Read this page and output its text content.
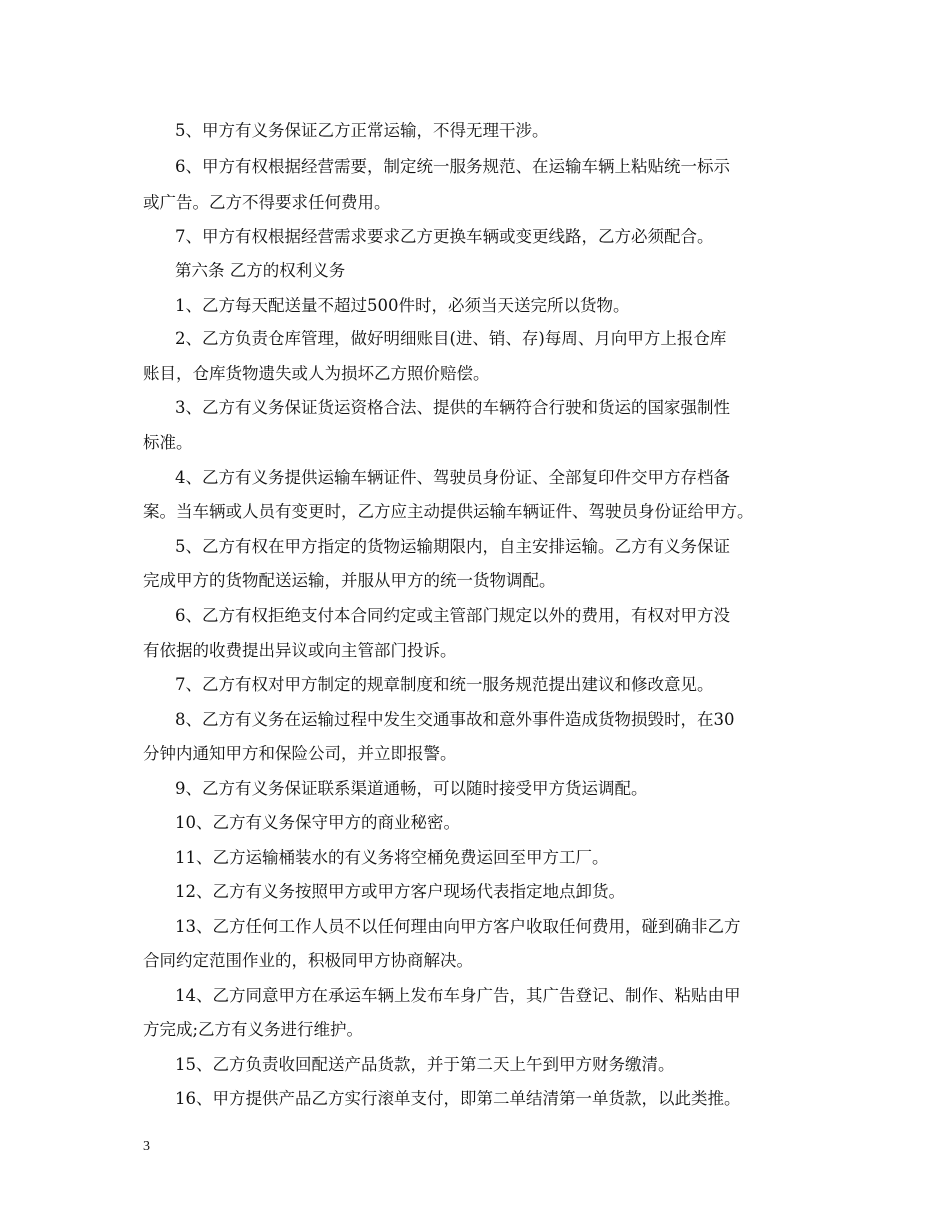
5、甲方有义务保证乙方正常运输，不得无理干涉。
6、甲方有权根据经营需要，制定统一服务规范、在运输车辆上粘贴统一标示
或广告。乙方不得要求任何费用。
7、甲方有权根据经营需求要求乙方更换车辆或变更线路，乙方必须配合。
第六条 乙方的权利义务
1、乙方每天配送量不超过500件时，必须当天送完所以货物。
2、乙方负责仓库管理，做好明细账目(进、销、存)每周、月向甲方上报仓库
账目，仓库货物遗失或人为损坏乙方照价赔偿。
3、乙方有义务保证货运资格合法、提供的车辆符合行驶和货运的国家强制性
标准。
4、乙方有义务提供运输车辆证件、驾驶员身份证、全部复印件交甲方存档备
案。当车辆或人员有变更时，乙方应主动提供运输车辆证件、驾驶员身份证给甲方。
5、乙方有权在甲方指定的货物运输期限内，自主安排运输。乙方有义务保证
完成甲方的货物配送运输，并服从甲方的统一货物调配。
6、乙方有权拒绝支付本合同约定或主管部门规定以外的费用，有权对甲方没
有依据的收费提出异议或向主管部门投诉。
7、乙方有权对甲方制定的规章制度和统一服务规范提出建议和修改意见。
8、乙方有义务在运输过程中发生交通事故和意外事件造成货物损毁时，在30
分钟内通知甲方和保险公司，并立即报警。
9、乙方有义务保证联系渠道通畅，可以随时接受甲方货运调配。
10、乙方有义务保守甲方的商业秘密。
11、乙方运输桶装水的有义务将空桶免费运回至甲方工厂。
12、乙方有义务按照甲方或甲方客户现场代表指定地点卸货。
13、乙方任何工作人员不以任何理由向甲方客户收取任何费用，碰到确非乙方
合同约定范围作业的，积极同甲方协商解决。
14、乙方同意甲方在承运车辆上发布车身广告，其广告登记、制作、粘贴由甲
方完成;乙方有义务进行维护。
15、乙方负责收回配送产品货款，并于第二天上午到甲方财务缴清。
16、甲方提供产品乙方实行滚单支付，即第二单结清第一单货款，以此类推。
3
